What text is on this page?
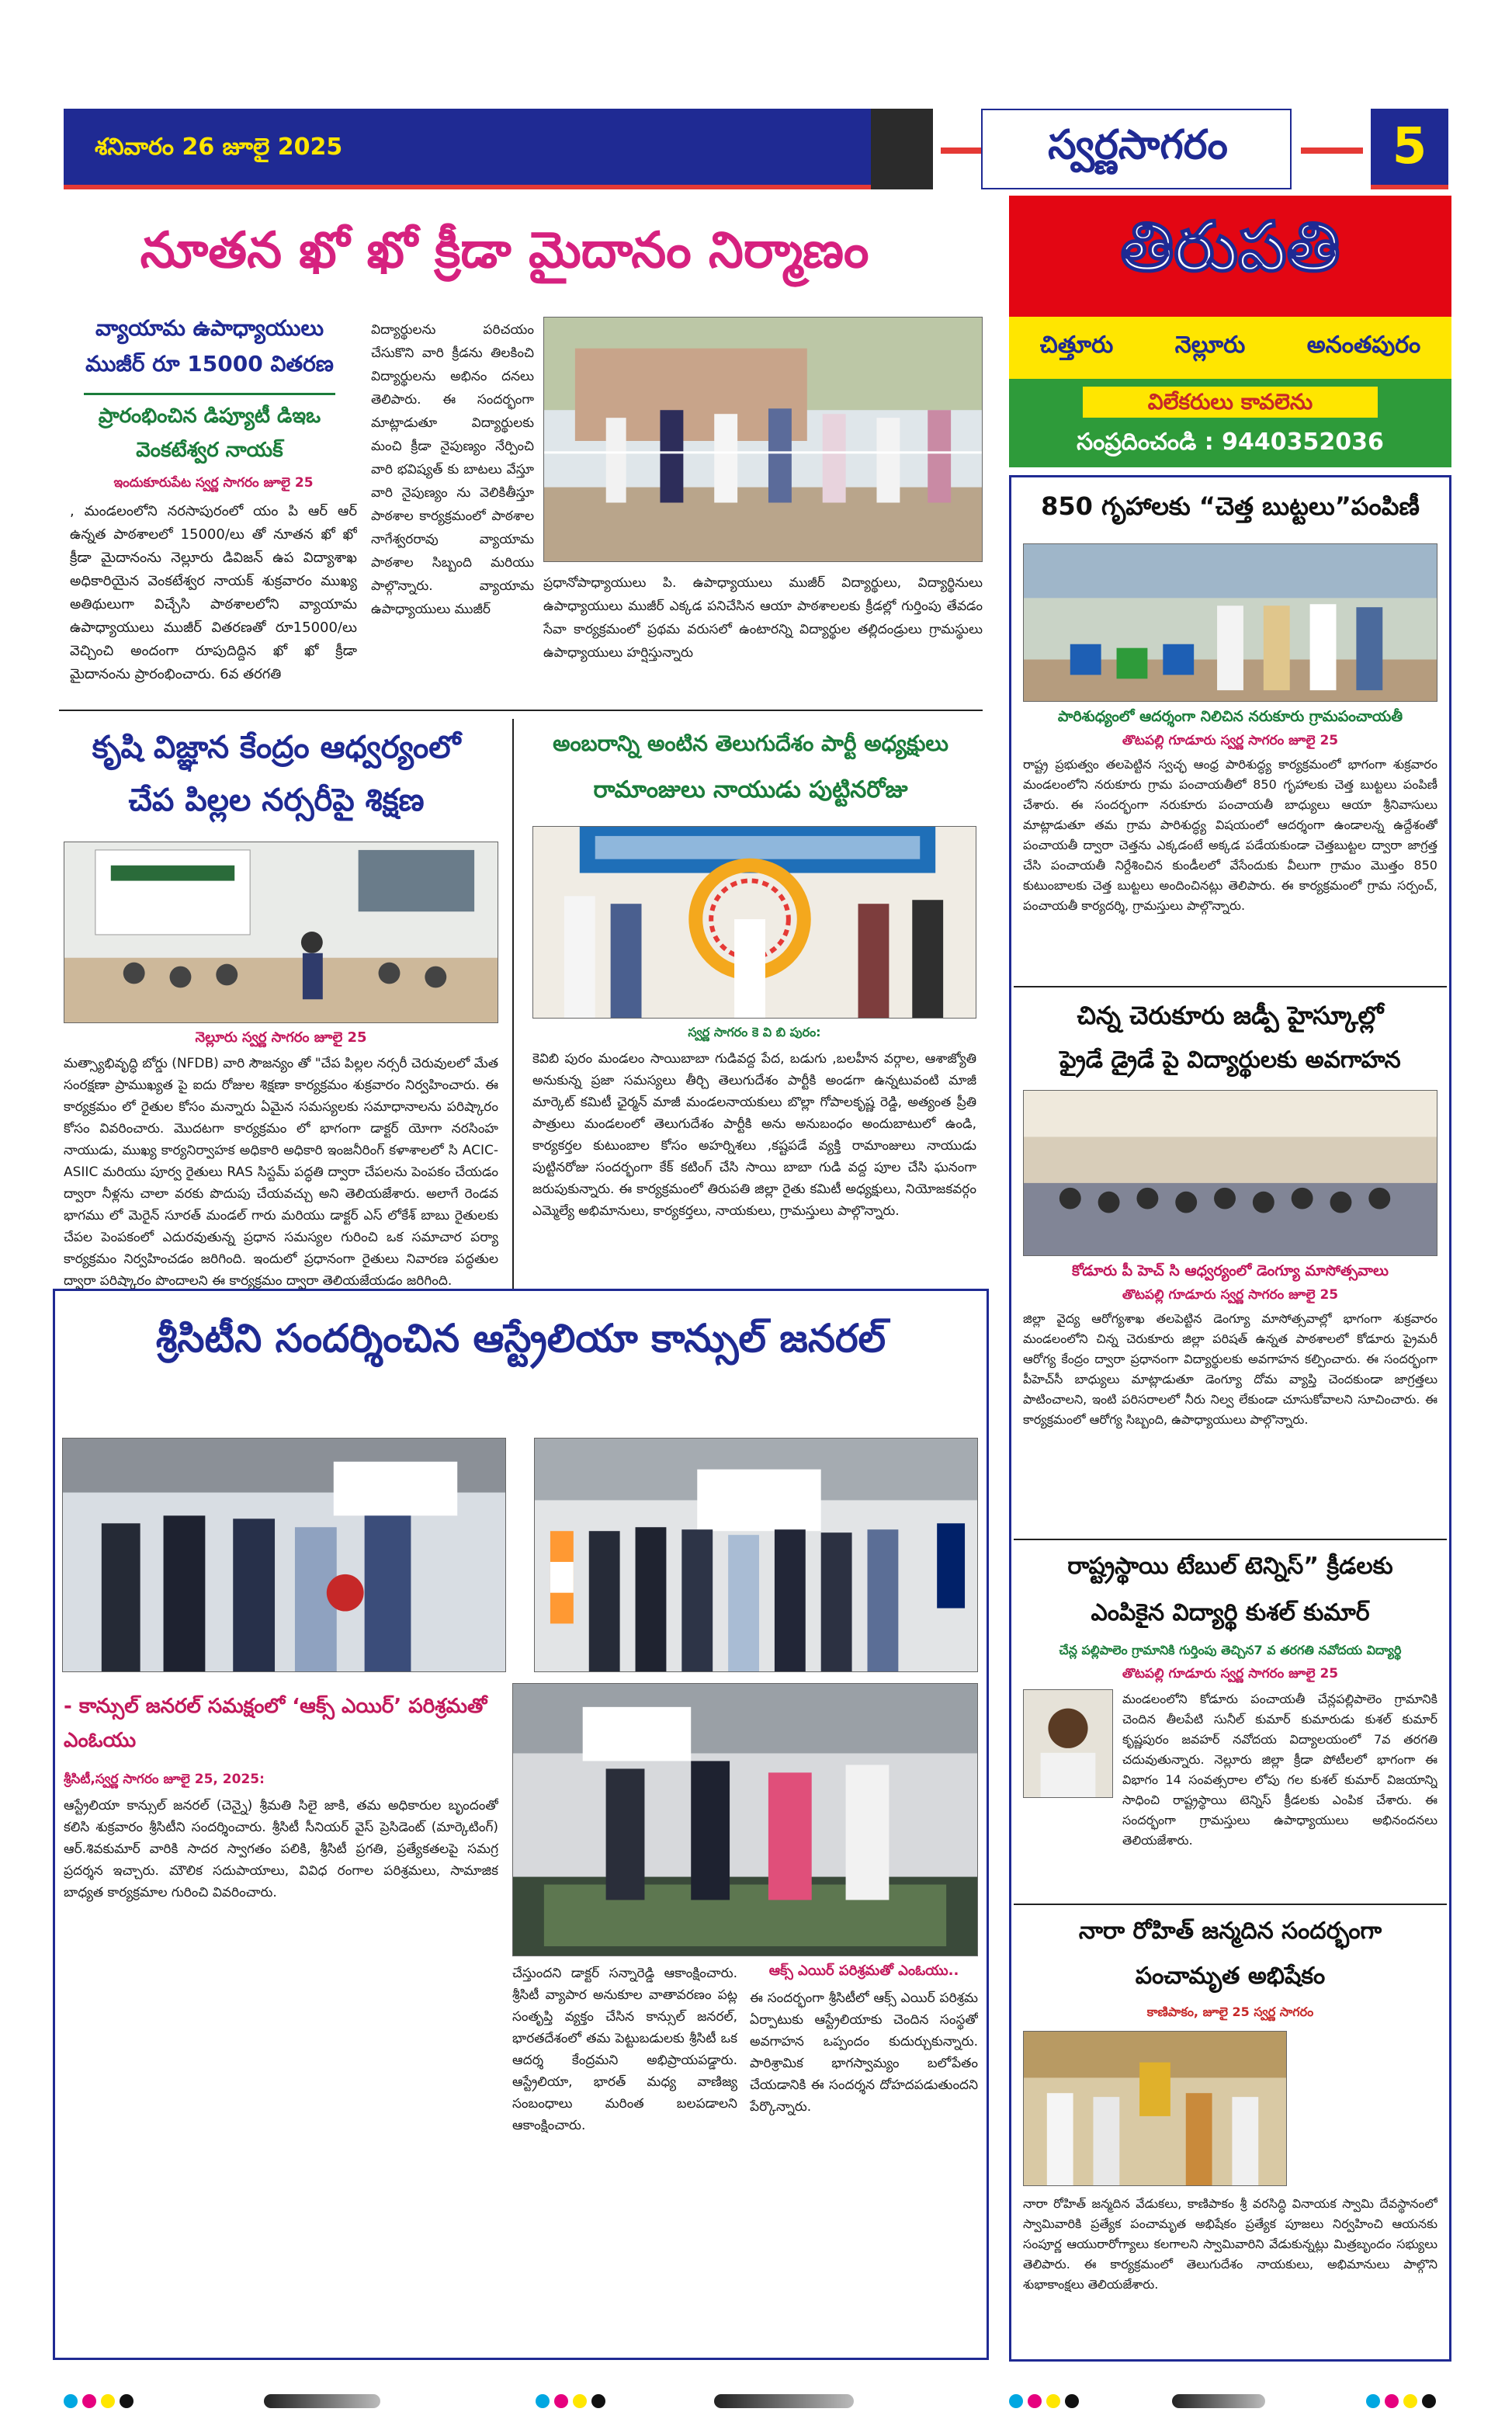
శనివారం 26 జూలై 2025	స్వర్ణసాగరం	5
నూతన ఖో ఖో క్రీడా మైదానం నిర్మాణం
వ్యాయామ ఉపాధ్యాయులు ముజీర్ రూ 15000 వితరణ
ప్రారంభించిన డిప్యూటీ డిఇఒ వెంకటేశ్వర నాయక్
ఇందుకూరుపేట స్వర్ణ సాగరం జూలై 25
, మండలంలోని నరసాపురంలో యం పి ఆర్ ఆర్ ఉన్నత పాఠశాలలో 15000/లు తో నూతన ఖో ఖో క్రీడా మైదానంను నెల్లూరు డివిజన్ ఉప విద్యాశాఖ అధికారియైన వెంకటేశ్వర నాయక్ శుక్రవారం ముఖ్య అతిథులుగా విచ్చేసి పాఠశాలలోని వ్యాయామ ఉపాధ్యాయులు ముజీర్ వితరణతో రూ15000/లు వెచ్చించి అందంగా రూపుదిద్దిన ఖో ఖో క్రీడా మైదానంను ప్రారంభించారు. 6వ తరగతి
విద్యార్థులను పరిచయం చేసుకొని వారి క్రీడను తిలకించి విద్యార్థులను అభినం దనలు తెలిపారు. ఈ సందర్భంగా మాట్లాడుతూ విద్యార్థులకు మంచి క్రీడా నైపుణ్యం నేర్పించి వారి భవిష్యత్ కు బాటలు వేస్తూ వారి నైపుణ్యం ను వెలికితీస్తూ పాఠశాల కార్యక్రమంలో పాఠశాల నాగేశ్వరరావు వ్యాయామ పాఠశాల సిబ్బంది మరియు పాల్గొన్నారు. వ్యాయామ ఉపాధ్యాయులు ముజీర్
ప్రధానోపాధ్యాయులు పి. ఉపాధ్యాయులు ముజీర్ విద్యార్థులు, విద్యార్థినులు ఉపాధ్యాయులు ముజీర్ ఎక్కడ పనిచేసిన ఆయా పాఠశాలలకు క్రీడల్లో గుర్తింపు తేవడం సేవా కార్యక్రమంలో ప్రథమ వరుసలో ఉంటారన్ని విద్యార్థుల తల్లిదండ్రులు గ్రామస్థులు ఉపాధ్యాయులు హర్షిస్తున్నారు
కృషి విజ్ఞాన కేంద్రం ఆధ్వర్యంలో
చేప పిల్లల నర్సరీపై శిక్షణ
నెల్లూరు స్వర్ణ సాగరం జూలై 25
మత్స్యాభివృద్ధి బోర్డు (NFDB) వారి సౌజన్యం తో "చేప పిల్లల నర్సరీ చెరువులలో మేత సంరక్షణా ప్రాముఖ్యత పై ఐదు రోజుల శిక్షణా కార్యక్రమం శుక్రవారం నిర్వహించారు. ఈ కార్యక్రమం లో రైతుల కోసం మన్నారు ఏమైన సమస్యలకు సమాధానాలను పరిష్కారం కోసం వివరించారు. మొదటగా కార్యక్రమం లో భాగంగా డాక్టర్ యోగా నరసింహ నాయుడు, ముఖ్య కార్యనిర్వాహక అధికారి అధికారి ఇంజనీరింగ్ కళాశాలలో సి ACIC- ASIIC మరియు పూర్వ రైతులు RAS సిస్టమ్ పద్ధతి ద్వారా చేపలను పెంపకం చేయడం ద్వారా నీళ్లను చాలా వరకు పొదుపు చేయవచ్చు అని తెలియజేశారు. అలాగే రెండవ భాగము లో మెరైన్ సూరత్ మండల్ గారు మరియు డాక్టర్ ఎస్ లోకేశ్ బాబు రైతులకు చేపల పెంపకంలో ఎదురవుతున్న ప్రధాన సమస్యల గురించి ఒక సమాచార పర్యా కార్యక్రమం నిర్వహించడం జరిగింది. ఇందులో ప్రధానంగా రైతులు నివారణ పద్ధతుల ద్వారా పరిష్కారం పొందాలని ఈ కార్యక్రమం ద్వారా తెలియజేయడం జరిగింది.
అంబరాన్ని అంటిన తెలుగుదేశం పార్టీ అధ్యక్షులు
రామాంజులు నాయుడు పుట్టినరోజు
స్వర్ణ సాగరం కె వి బి పురం:
కెవిబి పురం మండలం సాయిబాబా గుడివద్ద పేద, బడుగు ,బలహీన వర్గాల, ఆశాజ్యోతి అనుకున్న ప్రజా సమస్యలు తీర్చి తెలుగుదేశం పార్టీకి అండగా ఉన్నటువంటి మాజీ మార్కెట్ కమిటీ ఛైర్మన్ మాజీ మండలనాయకులు బొల్లా గోపాలకృష్ణ రెడ్డి, అత్యంత ప్రీతి పాత్రులు మండలంలో తెలుగుదేశం పార్టీకి అను అనుబంధం అందుబాటులో ఉండి, కార్యకర్తల కుటుంబాల కోసం అహర్నిశలు ,కష్టపడే వ్యక్తి రామాంజులు నాయుడు పుట్టినరోజు సందర్భంగా కేక్ కటింగ్ చేసి సాయి బాబా గుడి వద్ద పూల చేసి ఘనంగా జరుపుకున్నారు. ఈ కార్యక్రమంలో తిరుపతి జిల్లా రైతు కమిటీ అధ్యక్షులు, నియోజకవర్గం ఎమ్మెల్యే అభిమానులు, కార్యకర్తలు, నాయకులు, గ్రామస్తులు పాల్గొన్నారు.
శ్రీసిటీని సందర్శించిన ఆస్ట్రేలియా కాన్సుల్ జనరల్
- కాన్సుల్ జనరల్ సమక్షంలో ‘ఆక్స్ ఎయిర్’ పరిశ్రమతో ఎంఓయు
శ్రీసిటీ,స్వర్ణ సాగరం జూలై 25, 2025:
ఆస్ట్రేలియా కాన్సుల్ జనరల్ (చెన్నై) శ్రీమతి సిలై జాకి, తమ అధికారుల బృందంతో కలిసి శుక్రవారం శ్రీసిటీని సందర్శించారు. శ్రీసిటీ సీనియర్ వైస్ ప్రెసిడెంట్ (మార్కెటింగ్) ఆర్.శివకుమార్ వారికి సాదర స్వాగతం పలికి, శ్రీసిటీ ప్రగతి, ప్రత్యేకతలపై సమగ్ర ప్రదర్శన ఇచ్చారు. మౌలిక సదుపాయాలు, వివిధ రంగాల పరిశ్రమలు, సామాజిక బాధ్యత కార్యక్రమాల గురించి వివరించారు.
చేస్తుందని డాక్టర్ సన్నారెడ్డి ఆకాంక్షించారు. శ్రీసిటీ వ్యాపార అనుకూల వాతావరణం పట్ల సంతృప్తి వ్యక్తం చేసిన కాన్సుల్ జనరల్, భారతదేశంలో తమ పెట్టుబడులకు శ్రీసిటీ ఒక ఆదర్శ కేంద్రమని అభిప్రాయపడ్డారు. ఆస్ట్రేలియా, భారత్ మధ్య వాణిజ్య సంబంధాలు మరింత బలపడాలని ఆకాంక్షించారు.
ఆక్స్ ఎయిర్ పరిశ్రమతో ఎంఓయు..
ఈ సందర్భంగా శ్రీసిటీలో ఆక్స్ ఎయిర్ పరిశ్రమ ఏర్పాటుకు ఆస్ట్రేలియాకు చెందిన సంస్థతో అవగాహన ఒప్పందం కుదుర్చుకున్నారు. పారిశ్రామిక భాగస్వామ్యం బలోపేతం చేయడానికి ఈ సందర్శన దోహదపడుతుందని పేర్కొన్నారు.
తిరుపతి
చిత్తూరు	నెల్లూరు	అనంతపురం
విలేకరులు కావలెను
సంప్రదించండి : 9440352036
850 గృహాలకు “చెత్త బుట్టలు”పంపిణీ
పారిశుధ్యంలో ఆదర్శంగా నిలిచిన నరుకూరు గ్రామపంచాయతీ
తొటపల్లి గూడూరు స్వర్ణ సాగరం జూలై 25
రాష్ట్ర ప్రభుత్వం తలపెట్టిన స్వచ్ఛ ఆంధ్ర పారిశుద్ధ్య కార్యక్రమంలో భాగంగా శుక్రవారం మండలంలోని నరుకూరు గ్రామ పంచాయతీలో 850 గృహాలకు చెత్త బుట్టలు పంపిణీ చేశారు. ఈ సందర్భంగా నరుకూరు పంచాయతీ బాధ్యులు ఆయా శ్రీనివాసులు మాట్లాడుతూ తమ గ్రామ పారిశుద్ధ్య విషయంలో ఆదర్శంగా ఉండాలన్న ఉద్దేశంతో పంచాయతీ ద్వారా చెత్తను ఎక్కడంటే అక్కడ పడేయకుండా చెత్తబుట్టల ద్వారా జాగ్రత్త చేసి పంచాయతీ నిర్దేశించిన కుండీలలో వేసేందుకు వీలుగా గ్రామం మొత్తం 850 కుటుంబాలకు చెత్త బుట్టలు అందించినట్లు తెలిపారు. ఈ కార్యక్రమంలో గ్రామ సర్పంచ్, పంచాయతీ కార్యదర్శి, గ్రామస్తులు పాల్గొన్నారు.
చిన్న చెరుకూరు జడ్పీ హైస్కూల్లో
ఫ్రైడే డ్రైడే పై విద్యార్థులకు అవగాహన
కోడూరు పీ హెచ్ సి ఆధ్వర్యంలో డెంగ్యూ మాసోత్సవాలు
తొటపల్లి గూడూరు స్వర్ణ సాగరం జూలై 25
జిల్లా వైద్య ఆరోగ్యశాఖ తలపెట్టిన డెంగ్యూ మాసోత్సవాల్లో భాగంగా శుక్రవారం మండలంలోని చిన్న చెరుకూరు జిల్లా పరిషత్ ఉన్నత పాఠశాలలో కోడూరు ప్రైమరీ ఆరోగ్య కేంద్రం ద్వారా ప్రధానంగా విద్యార్థులకు అవగాహన కల్పించారు. ఈ సందర్భంగా పీహెచ్‌సీ బాధ్యులు మాట్లాడుతూ డెంగ్యూ దోమ వ్యాప్తి చెందకుండా జాగ్రత్తలు పాటించాలని, ఇంటి పరిసరాలలో నీరు నిల్వ లేకుండా చూసుకోవాలని సూచించారు. ఈ కార్యక్రమంలో ఆరోగ్య సిబ్బంది, ఉపాధ్యాయులు పాల్గొన్నారు.
రాష్ట్రస్థాయి టేబుల్ టెన్నిస్” క్రీడలకు
ఎంపికైన విద్యార్థి కుశల్ కుమార్
చేన్ల పల్లిపాలెం గ్రామానికి గుర్తింపు తెచ్చిన7 వ తరగతి నవోదయ విద్యార్థి
తొటపల్లి గూడూరు స్వర్ణ సాగరం జూలై 25
మండలంలోని కోడూరు పంచాయతీ చేన్లపల్లిపాలెం గ్రామానికి చెందిన తీలపేటి సునీల్ కుమార్ కుమారుడు కుశల్ కుమార్ కృష్ణపురం జవహర్ నవోదయ విద్యాలయంలో 7వ తరగతి చదువుతున్నారు. నెల్లూరు జిల్లా క్రీడా పోటీలలో భాగంగా ఈ విభాగం 14 సంవత్సరాల లోపు గల కుశల్ కుమార్ విజయాన్ని సాధించి రాష్ట్రస్థాయి టెన్నిస్ క్రీడలకు ఎంపిక చేశారు. ఈ సందర్భంగా గ్రామస్తులు ఉపాధ్యాయులు అభినందనలు తెలియజేశారు.
నారా రోహిత్ జన్మదిన సందర్భంగా
పంచామృత అభిషేకం
కాణిపాకం, జూలై 25 స్వర్ణ సాగరం
నారా రోహిత్ జన్మదిన వేడుకలు, కాణిపాకం శ్రీ వరసిద్ధి వినాయక స్వామి దేవస్థానంలో స్వామివారికి ప్రత్యేక పంచామృత అభిషేకం ప్రత్యేక పూజలు నిర్వహించి ఆయనకు సంపూర్ణ ఆయురారోగ్యాలు కలగాలని స్వామివారిని వేడుకున్నట్లు మిత్రబృందం సభ్యులు తెలిపారు. ఈ కార్యక్రమంలో తెలుగుదేశం నాయకులు, అభిమానులు పాల్గొని శుభాకాంక్షలు తెలియజేశారు.
